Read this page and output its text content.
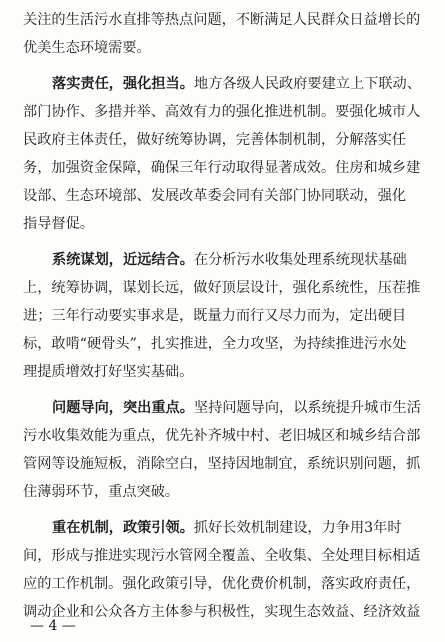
关注的生活污水直排等热点问题，不断满足人民群众日益增长的
优美生态环境需要。
落实责任，强化担当。地方各级人民政府要建立上下联动、
部门协作、多措并举、高效有力的强化推进机制。要强化城市人
民政府主体责任，做好统筹协调，完善体制机制，分解落实任
务，加强资金保障，确保三年行动取得显著成效。住房和城乡建
设部、生态环境部、发展改革委会同有关部门协同联动，强化
指导督促。
系统谋划，近远结合。在分析污水收集处理系统现状基础
上，统筹协调，谋划长远，做好顶层设计，强化系统性，压茬推
进；三年行动要实事求是，既量力而行又尽力而为，定出硬目
标，敢啃“硬骨头”，扎实推进，全力攻坚，为持续推进污水处
理提质增效打好坚实基础。
问题导向，突出重点。坚持问题导向，以系统提升城市生活
污水收集效能为重点，优先补齐城中村、老旧城区和城乡结合部
管网等设施短板，消除空白，坚持因地制宜，系统识别问题，抓
住薄弱环节，重点突破。
重在机制，政策引领。抓好长效机制建设，力争用3年时
间，形成与推进实现污水管网全覆盖、全收集、全处理目标相适
应的工作机制。强化政策引导，优化费价机制，落实政府责任，
调动企业和公众各方主体参与积极性，实现生态效益、经济效益
— 4 —
